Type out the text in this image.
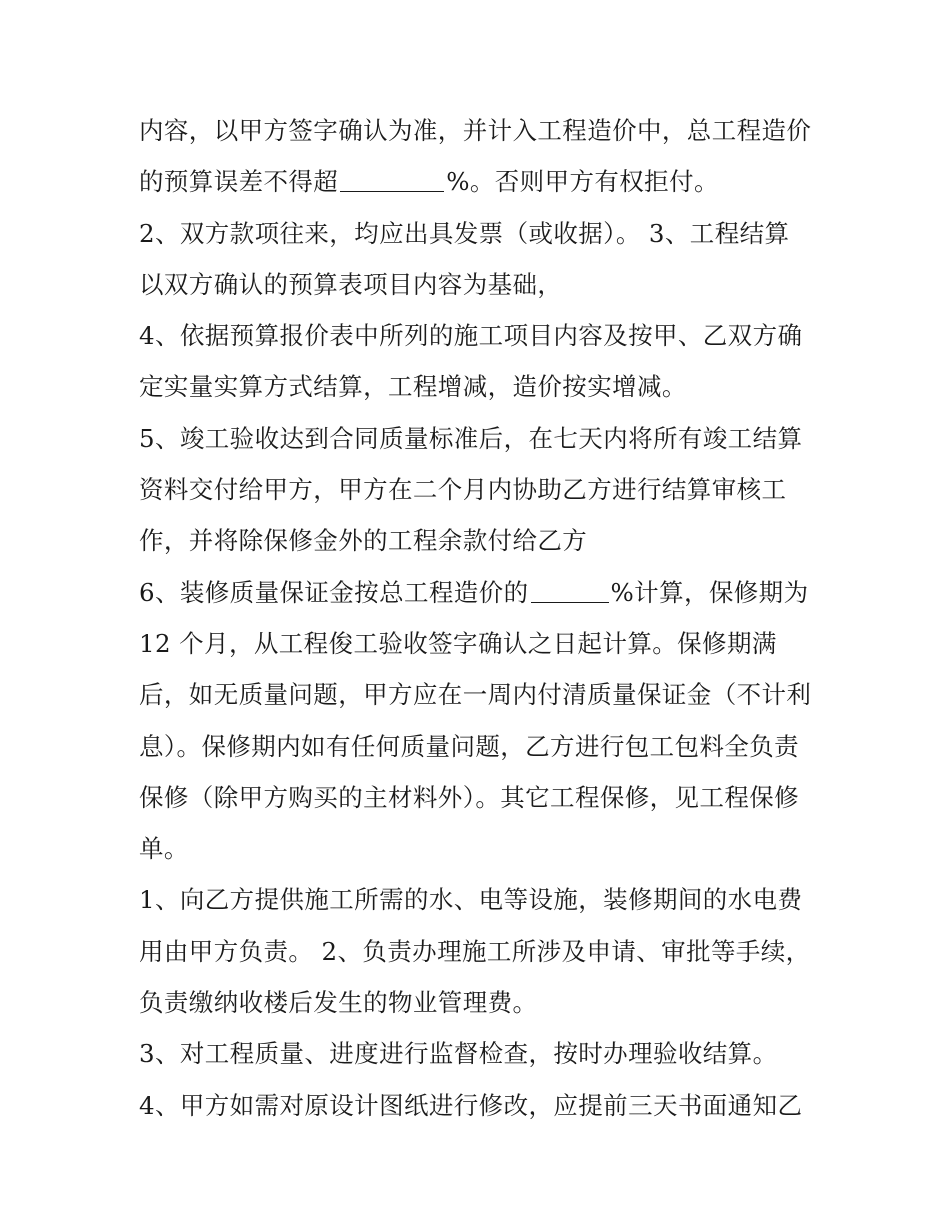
内容，以甲方签字确认为准，并计入工程造价中，总工程造价
的预算误差不得超	%。否则甲方有权拒付。
2、双方款项往来，均应出具发票（或收据）。 3、工程结算
以双方确认的预算表项目内容为基础，
4、依据预算报价表中所列的施工项目内容及按甲、乙双方确
定实量实算方式结算，工程增减，造价按实增减。
5、竣工验收达到合同质量标准后，在七天内将所有竣工结算
资料交付给甲方，甲方在二个月内协助乙方进行结算审核工
作，并将除保修金外的工程余款付给乙方
6、装修质量保证金按总工程造价的	%计算，保修期为
12 个月，从工程俊工验收签字确认之日起计算。保修期满
后，如无质量问题，甲方应在一周内付清质量保证金（不计利
息）。保修期内如有任何质量问题，乙方进行包工包料全负责
保修（除甲方购买的主材料外）。其它工程保修，见工程保修
单。
1、向乙方提供施工所需的水、电等设施，装修期间的水电费
用由甲方负责。 2、负责办理施工所涉及申请、审批等手续，
负责缴纳收楼后发生的物业管理费。
3、对工程质量、进度进行监督检查，按时办理验收结算。
4、甲方如需对原设计图纸进行修改，应提前三天书面通知乙
